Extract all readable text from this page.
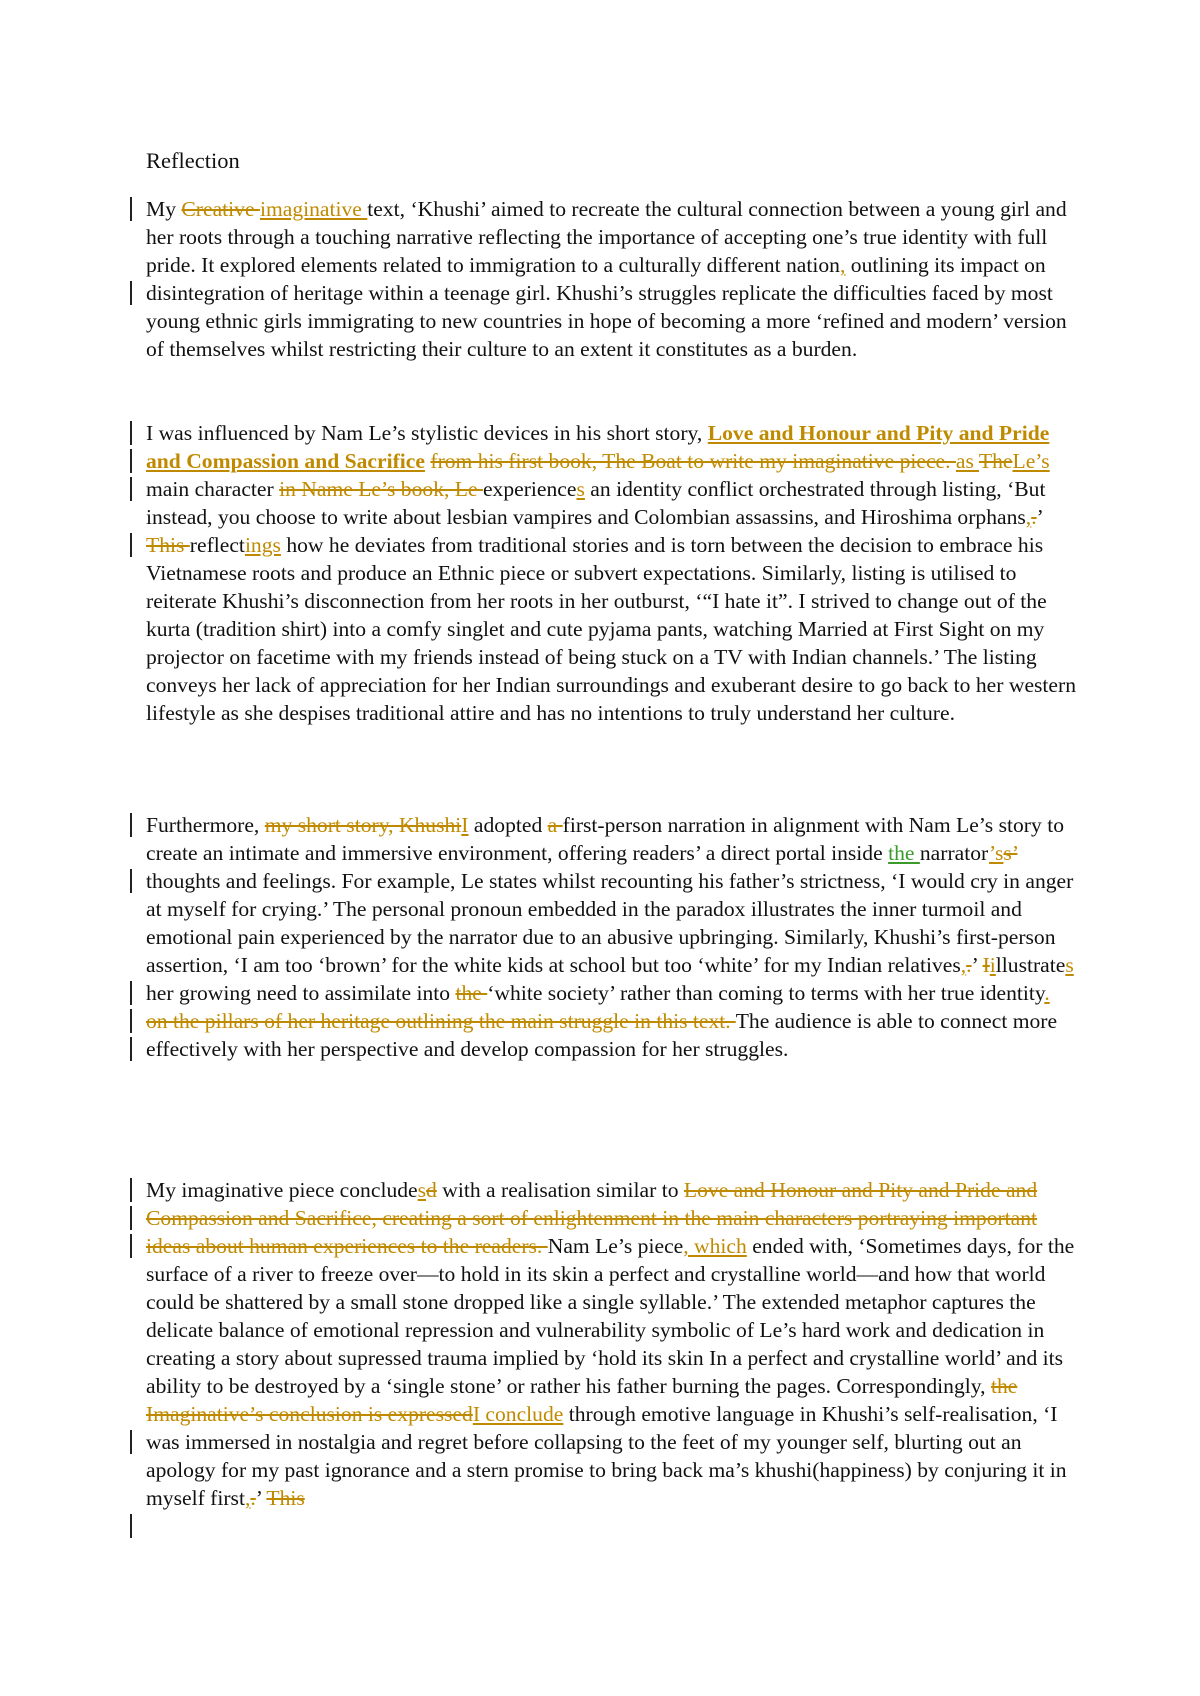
Reflection
My Creative imaginative text, ‘Khushi’ aimed to recreate the cultural connection between a young girl and her roots through a touching narrative reflecting the importance of accepting one’s true identity with full pride. It explored elements related to immigration to a culturally different nation, outlining its impact on disintegration of heritage within a teenage girl. Khushi’s struggles replicate the difficulties faced by most young ethnic girls immigrating to new countries in hope of becoming a more ‘refined and modern’ version of themselves whilst restricting their culture to an extent it constitutes as a burden.
I was influenced by Nam Le’s stylistic devices in his short story, Love and Honour and Pity and Pride and Compassion and Sacrifice from his first book, The Boat to write my imaginative piece. as TheLe’s main character in Name Le’s book, Le experiences an identity conflict orchestrated through listing, ‘But instead, you choose to write about lesbian vampires and Colombian assassins, and Hiroshima orphans,.’ This reflectings how he deviates from traditional stories and is torn between the decision to embrace his Vietnamese roots and produce an Ethnic piece or subvert expectations. Similarly, listing is utilised to reiterate Khushi’s disconnection from her roots in her outburst, ‘“I hate it”. I strived to change out of the kurta (tradition shirt) into a comfy singlet and cute pyjama pants, watching Married at First Sight on my projector on facetime with my friends instead of being stuck on a TV with Indian channels.’ The listing conveys her lack of appreciation for her Indian surroundings and exuberant desire to go back to her western lifestyle as she despises traditional attire and has no intentions to truly understand her culture.
Furthermore, my short story, KhushiI adopted a first-person narration in alignment with Nam Le’s story to create an intimate and immersive environment, offering readers’ a direct portal inside the narrator’ss’ thoughts and feelings. For example, Le states whilst recounting his father’s strictness, ‘I would cry in anger at myself for crying.’ The personal pronoun embedded in the paradox illustrates the inner turmoil and emotional pain experienced by the narrator due to an abusive upbringing. Similarly, Khushi’s first-person assertion, ‘I am too ‘brown’ for the white kids at school but too ‘white’ for my Indian relatives,.’ Iillustrates her growing need to assimilate into the ‘white society’ rather than coming to terms with her true identity. on the pillars of her heritage outlining the main struggle in this text. The audience is able to connect more effectively with her perspective and develop compassion for her struggles.
My imaginative piece concludesd with a realisation similar to Love and Honour and Pity and Pride and Compassion and Sacrifice, creating a sort of enlightenment in the main characters portraying important ideas about human experiences to the readers. Nam Le’s piece, which ended with, ‘Sometimes days, for the surface of a river to freeze over—to hold in its skin a perfect and crystalline world—and how that world could be shattered by a small stone dropped like a single syllable.’ The extended metaphor captures the delicate balance of emotional repression and vulnerability symbolic of Le’s hard work and dedication in creating a story about supressed trauma implied by ‘hold its skin In a perfect and crystalline world’ and its ability to be destroyed by a ‘single stone’ or rather his father burning the pages. Correspondingly, the Imaginative’s conclusion is expressedI conclude through emotive language in Khushi’s self-realisation, ‘I was immersed in nostalgia and regret before collapsing to the feet of my younger self, blurting out an apology for my past ignorance and a stern promise to bring back ma’s khushi(happiness) by conjuring it in myself first,.’ This
